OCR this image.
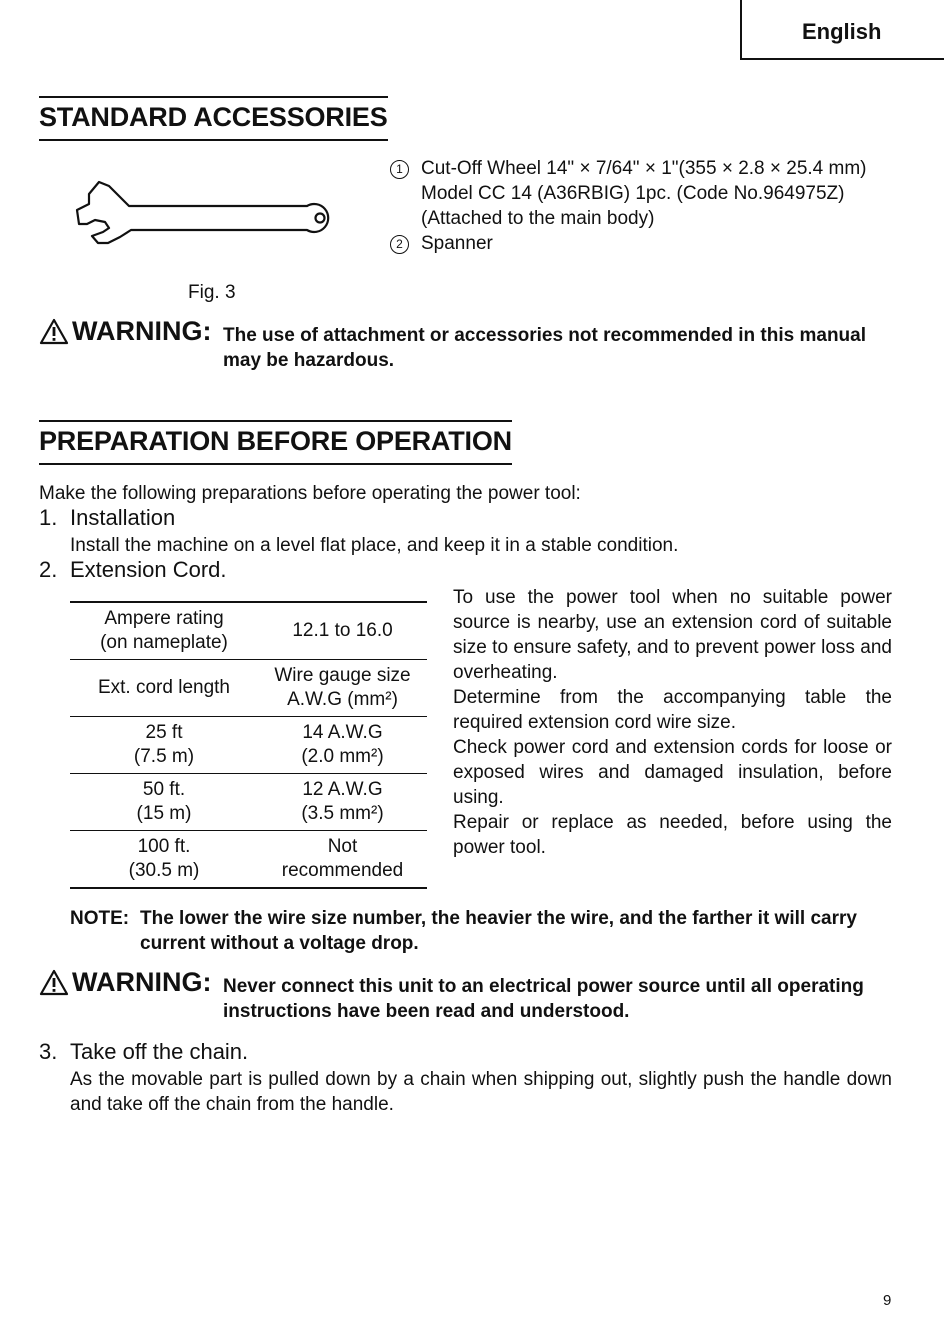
English
STANDARD ACCESSORIES
1 Cut-Off Wheel 14" × 7/64" × 1"(355 × 2.8 × 25.4 mm)
Model CC 14 (A36RBIG) 1pc. (Code No.964975Z)
(Attached to the main body)
2 Spanner
Fig. 3
WARNING: The use of attachment or accessories not recommended in this manual
may be hazardous.
PREPARATION BEFORE OPERATION
Make the following preparations before operating the power tool:
1. Installation
Install the machine on a level flat place, and keep it in a stable condition.
2. Extension Cord.
Ampere rating
(on nameplate)	12.1 to 16.0
Ext. cord length	Wire gauge size
A.W.G (mm²)
25 ft
(7.5 m)	14 A.W.G
(2.0 mm²)
50 ft.
(15 m)	12 A.W.G
(3.5 mm²)
100 ft.
(30.5 m)	Not
recommended
To use the power tool when no suitable power source is nearby, use an extension cord of suitable size to ensure safety, and to prevent power loss and overheating.
Determine from the accompanying table the required extension cord wire size.
Check power cord and extension cords for loose or exposed wires and damaged insulation, before using.
Repair or replace as needed, before using the power tool.
NOTE: The lower the wire size number, the heavier the wire, and the farther it will carry
current without a voltage drop.
WARNING: Never connect this unit to an electrical power source until all operating
instructions have been read and understood.
3. Take off the chain.
As the movable part is pulled down by a chain when shipping out, slightly push the handle down and take off the chain from the handle.
9
